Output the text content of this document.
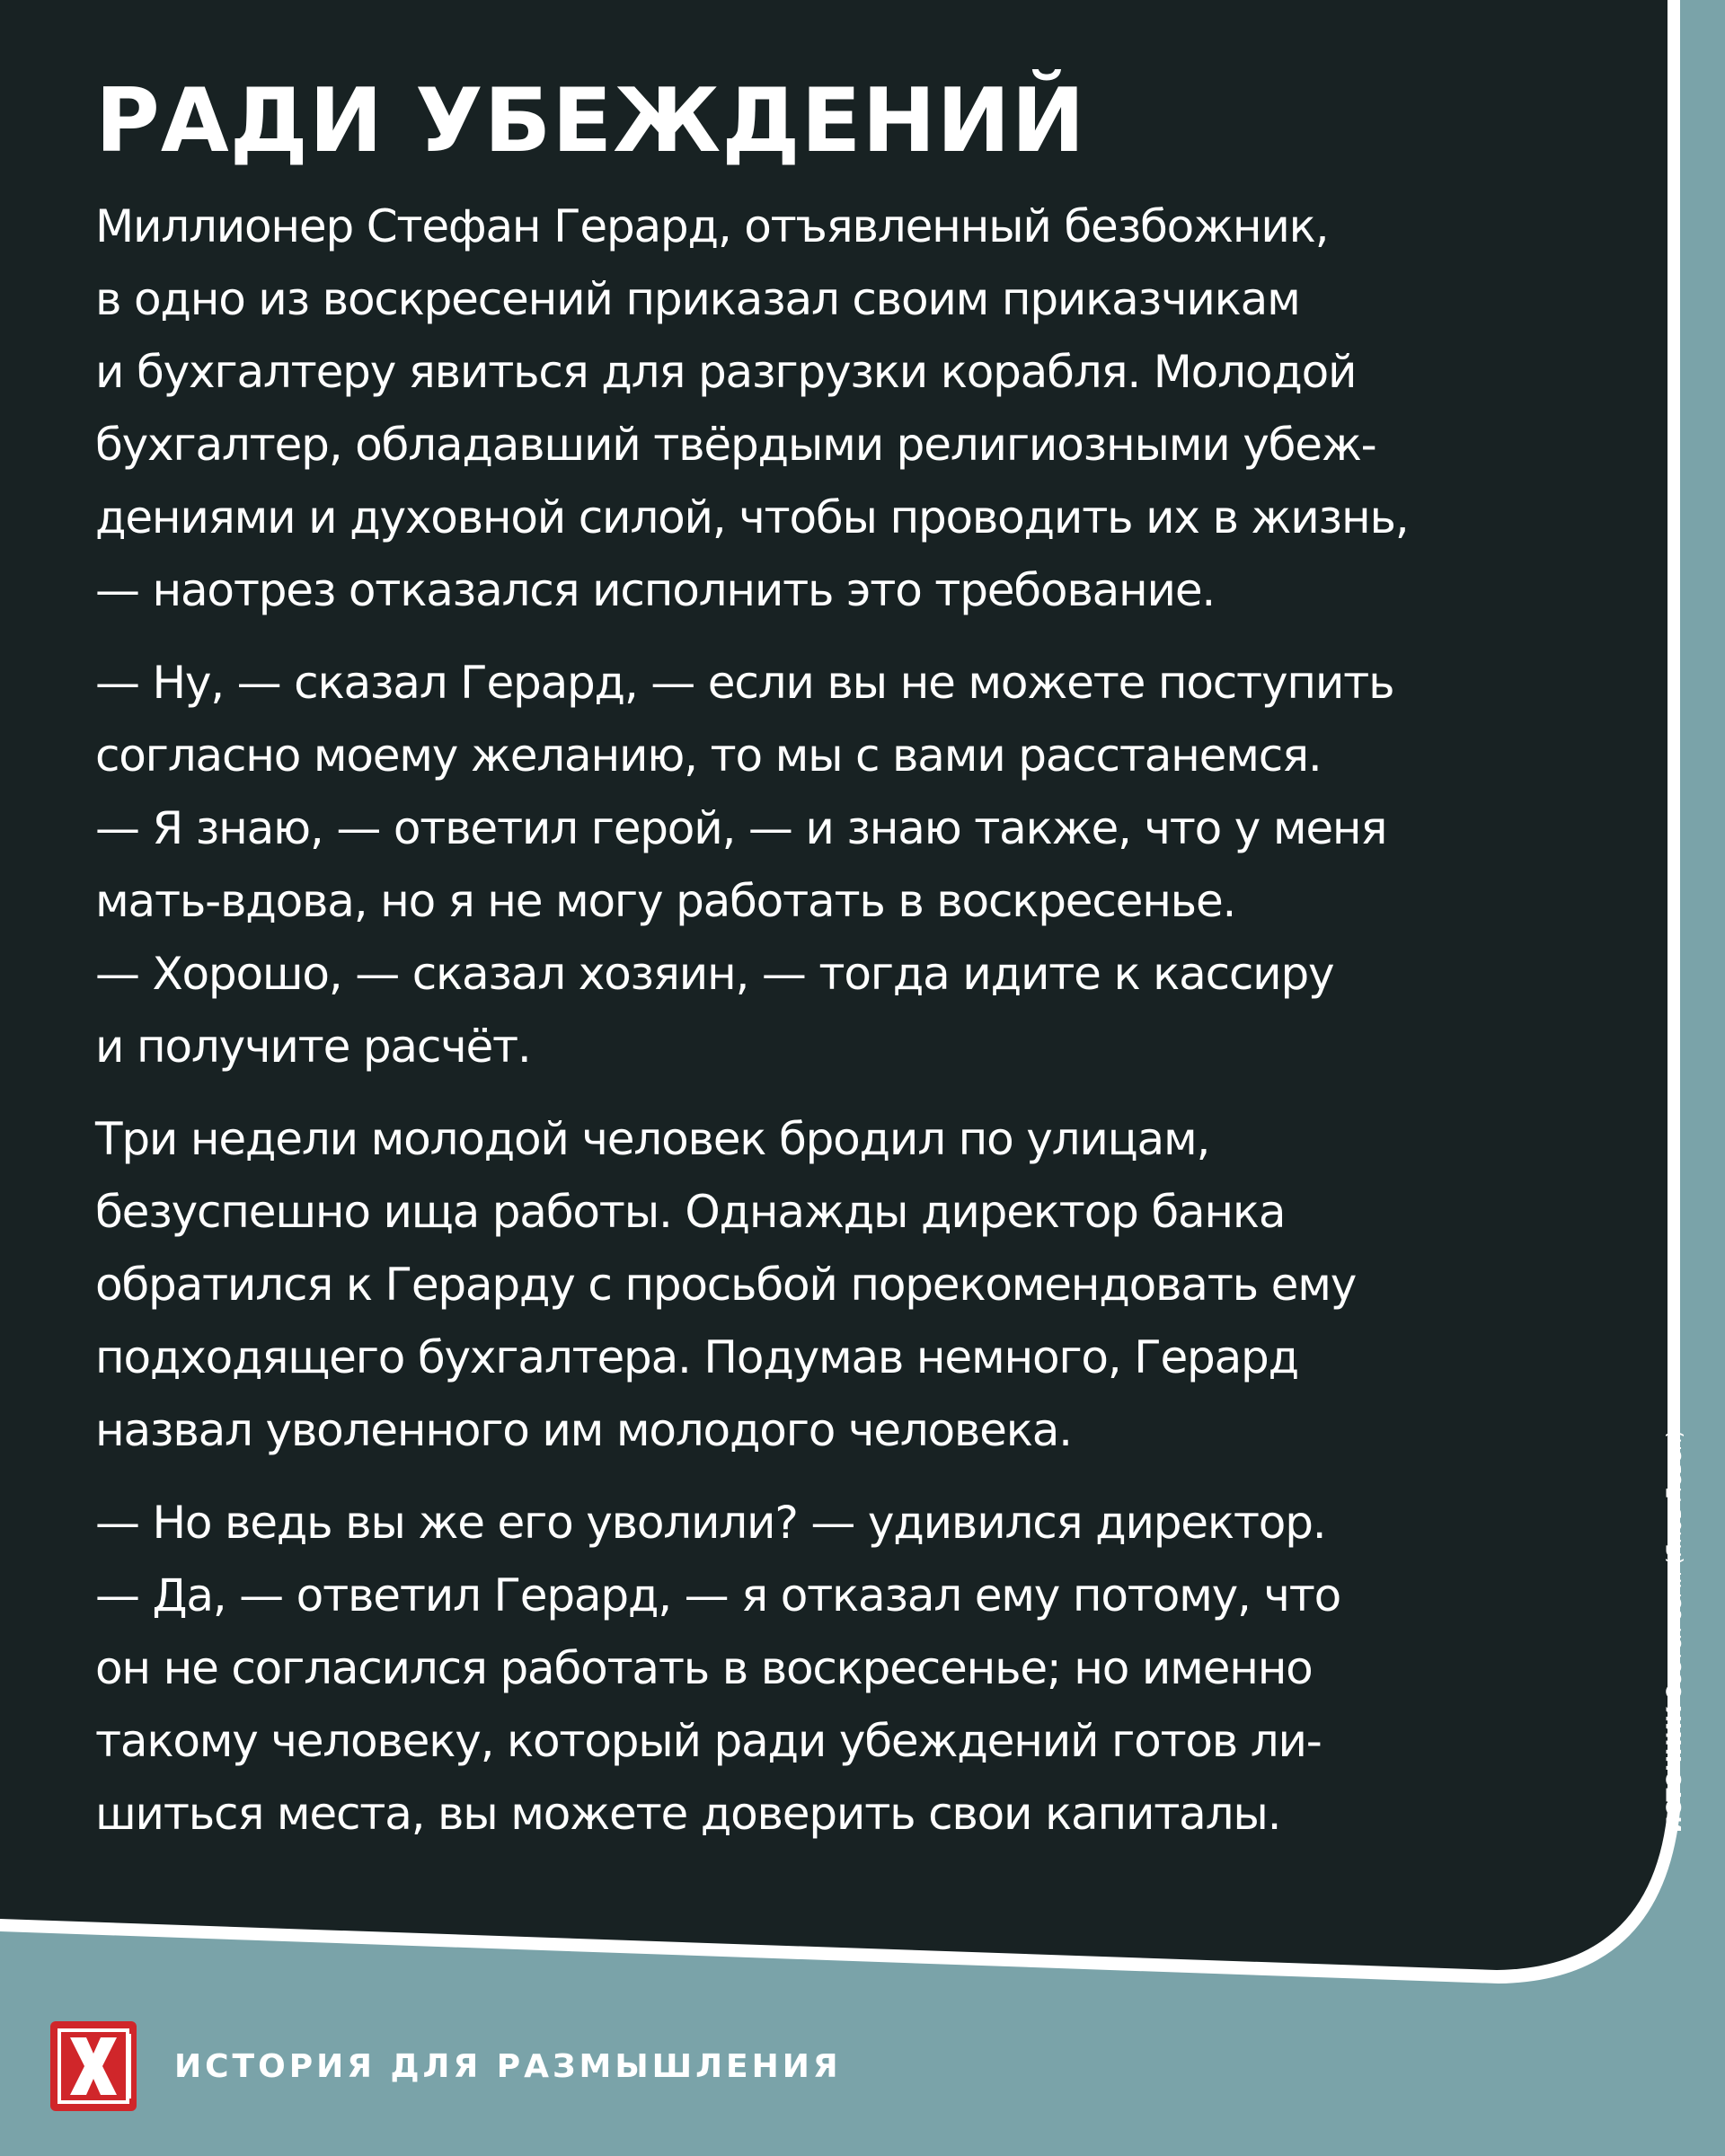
РАДИ УБЕЖДЕНИЙ
Миллионер Стефан Герард, отъявленный безбожник,
в одно из воскресений приказал своим приказчикам
и бухгалтеру явиться для разгрузки корабля. Молодой
бухгалтер, обладавший твёрдыми религиозными убеж-
дениями и духовной силой, чтобы проводить их в жизнь,
— наотрез отказался исполнить это требование.
— Ну, — сказал Герард, — если вы не можете поступить
согласно моему желанию, то мы с вами расстанемся.
— Я знаю, — ответил герой, — и знаю также, что у меня
мать-вдова, но я не могу работать в воскресенье.
— Хорошо, — сказал хозяин, — тогда идите к кассиру
и получите расчёт.
Три недели молодой человек бродил по улицам,
безуспешно ища работы. Однажды директор банка
обратился к Герарду с просьбой порекомендовать ему
подходящего бухгалтера. Подумав немного, Герард
назвал уволенного им молодого человека.
— Но ведь вы же его уволили? — удивился директор.
— Да, — ответил Герард, — я отказал ему потому, что
он не согласился работать в воскресенье; но именно
такому человеку, который ради убеждений готов ли-
шиться места, вы можете доверить свои капиталы.	ИСТОЧНИК Сеется семя (Яков Левен)
ИСТОРИЯ ДЛЯ РАЗМЫШЛЕНИЯ
